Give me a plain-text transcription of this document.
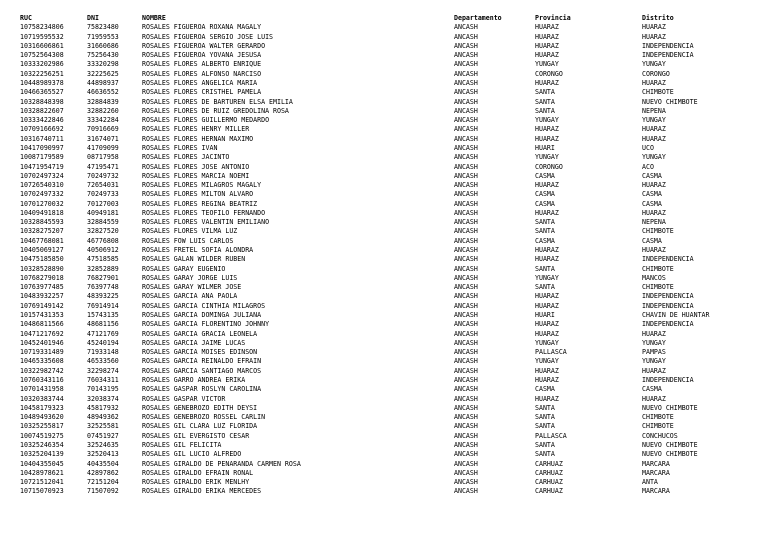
RUC	DNI	NOMBRE	Departamento	Provincia	Distrito
10758234806	75823480	ROSALES FIGUEROA ROXANA MAGALY	ANCASH	HUARAZ	HUARAZ
10719595532	71959553	ROSALES FIGUEROA SERGIO JOSE LUIS	ANCASH	HUARAZ	HUARAZ
10316606861	31660686	ROSALES FIGUEROA WALTER GERARDO	ANCASH	HUARAZ	INDEPENDENCIA
10752564308	75256430	ROSALES FIGUEROA YOVANA JESUSA	ANCASH	HUARAZ	INDEPENDENCIA
10333202986	33320298	ROSALES FLORES ALBERTO ENRIQUE	ANCASH	YUNGAY	YUNGAY
10322256251	32225625	ROSALES FLORES ALFONSO NARCISO	ANCASH	CORONGO	CORONGO
10448989378	44898937	ROSALES FLORES ANGELICA MARIA	ANCASH	HUARAZ	HUARAZ
10466365527	46636552	ROSALES FLORES CRISTHEL PAMELA	ANCASH	SANTA	CHIMBOTE
10328848398	32884839	ROSALES FLORES DE BARTUREN ELSA EMILIA	ANCASH	SANTA	NUEVO CHIMBOTE
10328822607	32882260	ROSALES FLORES DE RUIZ GREDOLINA ROSA	ANCASH	SANTA	NEPEÑA
10333422846	33342284	ROSALES FLORES GUILLERMO MEDARDO	ANCASH	YUNGAY	YUNGAY
10709166692	70916669	ROSALES FLORES HENRY MILLER	ANCASH	HUARAZ	HUARAZ
10316740711	31674071	ROSALES FLORES HERNAN MAXIMO	ANCASH	HUARAZ	HUARAZ
10417090997	41709099	ROSALES FLORES IVAN	ANCASH	HUARI	UCO
10087179589	08717958	ROSALES FLORES JACINTO	ANCASH	YUNGAY	YUNGAY
10471954719	47195471	ROSALES FLORES JOSE ANTONIO	ANCASH	CORONGO	ACO
10702497324	70249732	ROSALES FLORES MARCIA NOEMI	ANCASH	CASMA	CASMA
10726540310	72654031	ROSALES FLORES MILAGROS MAGALY	ANCASH	HUARAZ	HUARAZ
10702497332	70249733	ROSALES FLORES MILTON ALVARO	ANCASH	CASMA	CASMA
10701270032	70127003	ROSALES FLORES REGINA BEATRIZ	ANCASH	CASMA	CASMA
10409491818	40949181	ROSALES FLORES TEOFILO FERNANDO	ANCASH	HUARAZ	HUARAZ
10328845593	32884559	ROSALES FLORES VALENTIN EMILIANO	ANCASH	SANTA	NEPEÑA
10328275207	32827520	ROSALES FLORES VILMA LUZ	ANCASH	SANTA	CHIMBOTE
10467768081	46776808	ROSALES FOW LUIS CARLOS	ANCASH	CASMA	CASMA
10405069127	40506912	ROSALES FRETEL SOFIA ALONDRA	ANCASH	HUARAZ	HUARAZ
10475185850	47518585	ROSALES GALAN WILDER RUBEN	ANCASH	HUARAZ	INDEPENDENCIA
10328528890	32852889	ROSALES GARAY EUGENIO	ANCASH	SANTA	CHIMBOTE
10768279018	76827901	ROSALES GARAY JORGE LUIS	ANCASH	YUNGAY	MANCOS
10763977485	76397748	ROSALES GARAY WILMER JOSE	ANCASH	SANTA	CHIMBOTE
10483932257	48393225	ROSALES GARCIA ANA PAOLA	ANCASH	HUARAZ	INDEPENDENCIA
10769149142	76914914	ROSALES GARCIA CINTHIA MILAGROS	ANCASH	HUARAZ	INDEPENDENCIA
10157431353	15743135	ROSALES GARCIA DOMINGA JULIANA	ANCASH	HUARI	CHAVIN DE HUANTAR
10486811566	48681156	ROSALES GARCIA FLORENTINO JOHNNY	ANCASH	HUARAZ	INDEPENDENCIA
10471217692	47121769	ROSALES GARCIA GRACIA LEONELA	ANCASH	HUARAZ	HUARAZ
10452401946	45240194	ROSALES GARCIA JAIME LUCAS	ANCASH	YUNGAY	YUNGAY
10719331489	71933148	ROSALES GARCIA MOISES EDINSON	ANCASH	PALLASCA	PAMPAS
10465335608	46533560	ROSALES GARCIA REINALDO EFRAIN	ANCASH	YUNGAY	YUNGAY
10322982742	32298274	ROSALES GARCIA SANTIAGO MARCOS	ANCASH	HUARAZ	HUARAZ
10760343116	76034311	ROSALES GARRO ANDREA ERIKA	ANCASH	HUARAZ	INDEPENDENCIA
10701431958	70143195	ROSALES GASPAR ROSLYN CAROLINA	ANCASH	CASMA	CASMA
10320383744	32038374	ROSALES GASPAR VICTOR	ANCASH	HUARAZ	HUARAZ
10458179323	45817932	ROSALES GENEBROZO EDITH DEYSI	ANCASH	SANTA	NUEVO CHIMBOTE
10489493620	48949362	ROSALES GENEBROZO ROSSEL CARLIN	ANCASH	SANTA	CHIMBOTE
10325255817	32525581	ROSALES GIL CLARA LUZ FLORIDA	ANCASH	SANTA	CHIMBOTE
10074519275	07451927	ROSALES GIL EVERGISTO CESAR	ANCASH	PALLASCA	CONCHUCOS
10325246354	32524635	ROSALES GIL FELICITA	ANCASH	SANTA	NUEVO CHIMBOTE
10325204139	32520413	ROSALES GIL LUCIO ALFREDO	ANCASH	SANTA	NUEVO CHIMBOTE
10404355045	40435504	ROSALES GIRALDO DE PEÑARANDA CARMEN ROSA	ANCASH	CARHUAZ	MARCARA
10428978621	42897862	ROSALES GIRALDO EFRAIN RONAL	ANCASH	CARHUAZ	MARCARA
10721512041	72151204	ROSALES GIRALDO ERIK MENLHY	ANCASH	CARHUAZ	ANTA
10715070923	71507092	ROSALES GIRALDO ERIKA MERCEDES	ANCASH	CARHUAZ	MARCARA
